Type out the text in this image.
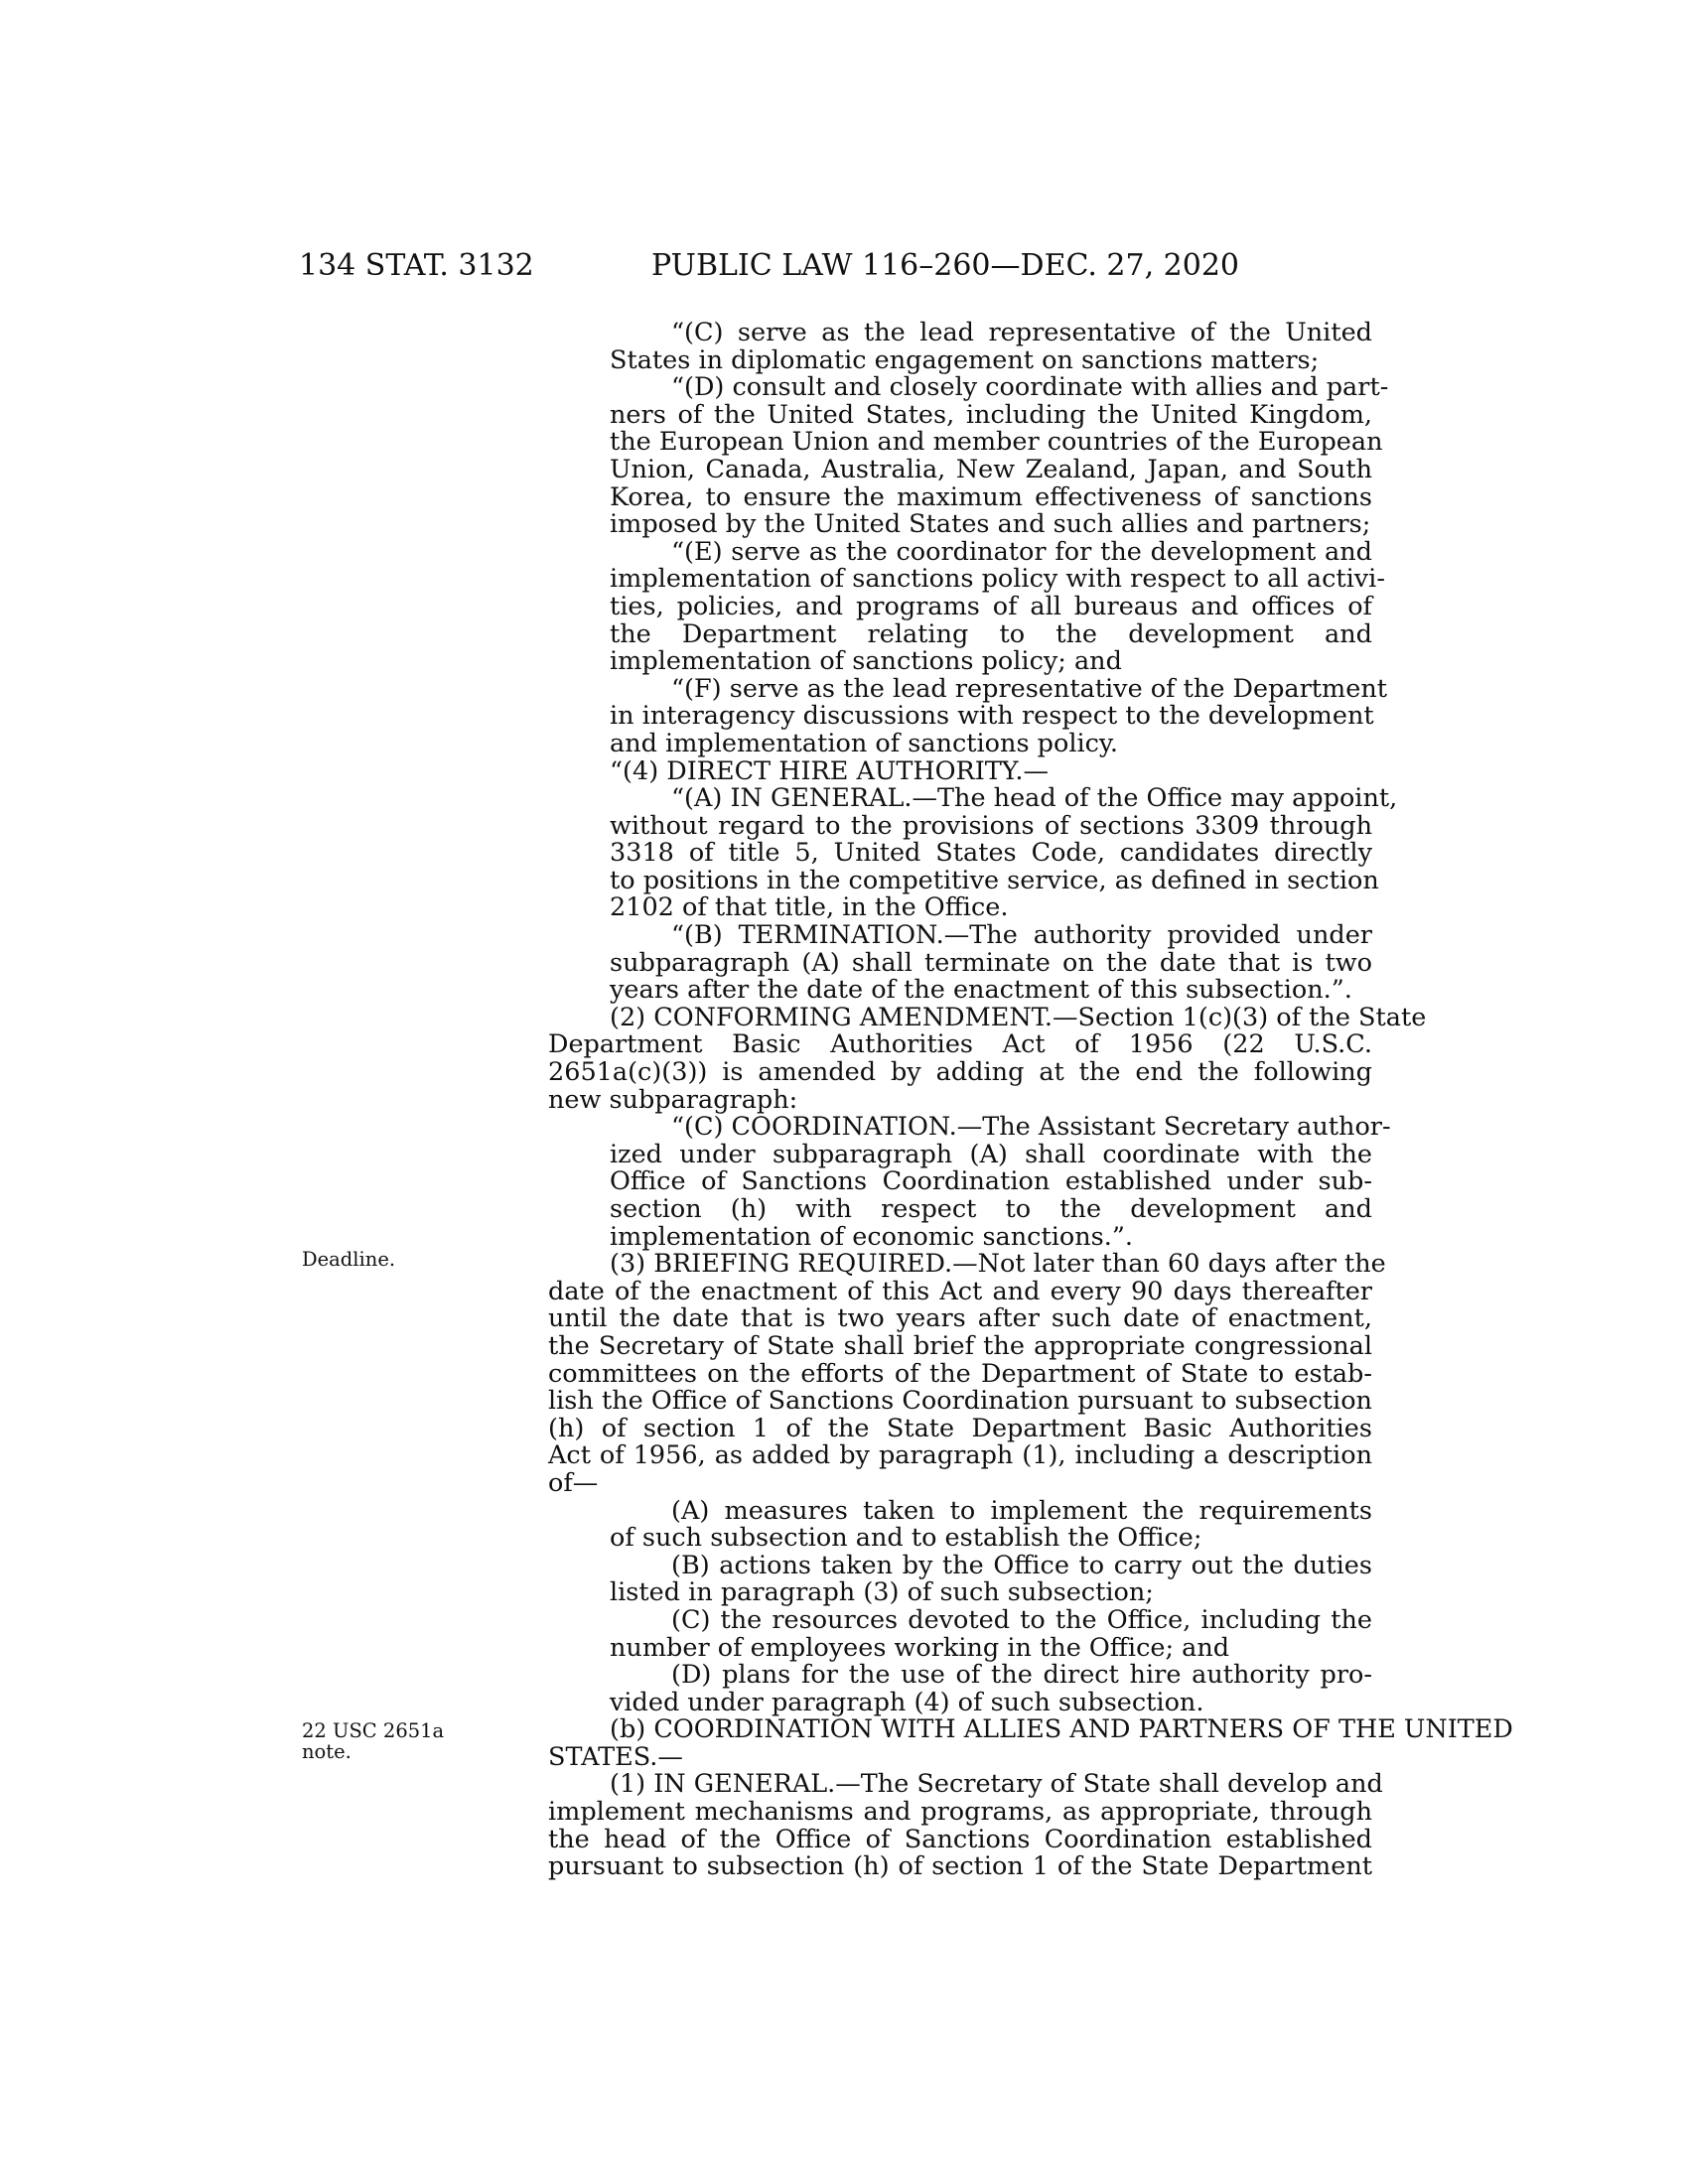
134 STAT. 3132	PUBLIC LAW 116–260—DEC. 27, 2020
Deadline.
22 USC 2651a
note.
“(C) serve as the lead representative of the United
States in diplomatic engagement on sanctions matters;
“(D) consult and closely coordinate with allies and part-
ners of the United States, including the United Kingdom,
the European Union and member countries of the European
Union, Canada, Australia, New Zealand, Japan, and South
Korea, to ensure the maximum effectiveness of sanctions
imposed by the United States and such allies and partners;
“(E) serve as the coordinator for the development and
implementation of sanctions policy with respect to all activi-
ties, policies, and programs of all bureaus and offices of
the Department relating to the development and
implementation of sanctions policy; and
“(F) serve as the lead representative of the Department
in interagency discussions with respect to the development
and implementation of sanctions policy.
“(4) DIRECT HIRE AUTHORITY.—
“(A) IN GENERAL.—The head of the Office may appoint,
without regard to the provisions of sections 3309 through
3318 of title 5, United States Code, candidates directly
to positions in the competitive service, as defined in section
2102 of that title, in the Office.
“(B) TERMINATION.—The authority provided under
subparagraph (A) shall terminate on the date that is two
years after the date of the enactment of this subsection.”.
(2) CONFORMING AMENDMENT.—Section 1(c)(3) of the State
Department Basic Authorities Act of 1956 (22 U.S.C.
2651a(c)(3)) is amended by adding at the end the following
new subparagraph:
“(C) COORDINATION.—The Assistant Secretary author-
ized under subparagraph (A) shall coordinate with the
Office of Sanctions Coordination established under sub-
section (h) with respect to the development and
implementation of economic sanctions.”.
(3) BRIEFING REQUIRED.—Not later than 60 days after the
date of the enactment of this Act and every 90 days thereafter
until the date that is two years after such date of enactment,
the Secretary of State shall brief the appropriate congressional
committees on the efforts of the Department of State to estab-
lish the Office of Sanctions Coordination pursuant to subsection
(h) of section 1 of the State Department Basic Authorities
Act of 1956, as added by paragraph (1), including a description
of—
(A) measures taken to implement the requirements
of such subsection and to establish the Office;
(B) actions taken by the Office to carry out the duties
listed in paragraph (3) of such subsection;
(C) the resources devoted to the Office, including the
number of employees working in the Office; and
(D) plans for the use of the direct hire authority pro-
vided under paragraph (4) of such subsection.
(b) COORDINATION WITH ALLIES AND PARTNERS OF THE UNITED
STATES.—
(1) IN GENERAL.—The Secretary of State shall develop and
implement mechanisms and programs, as appropriate, through
the head of the Office of Sanctions Coordination established
pursuant to subsection (h) of section 1 of the State Department
